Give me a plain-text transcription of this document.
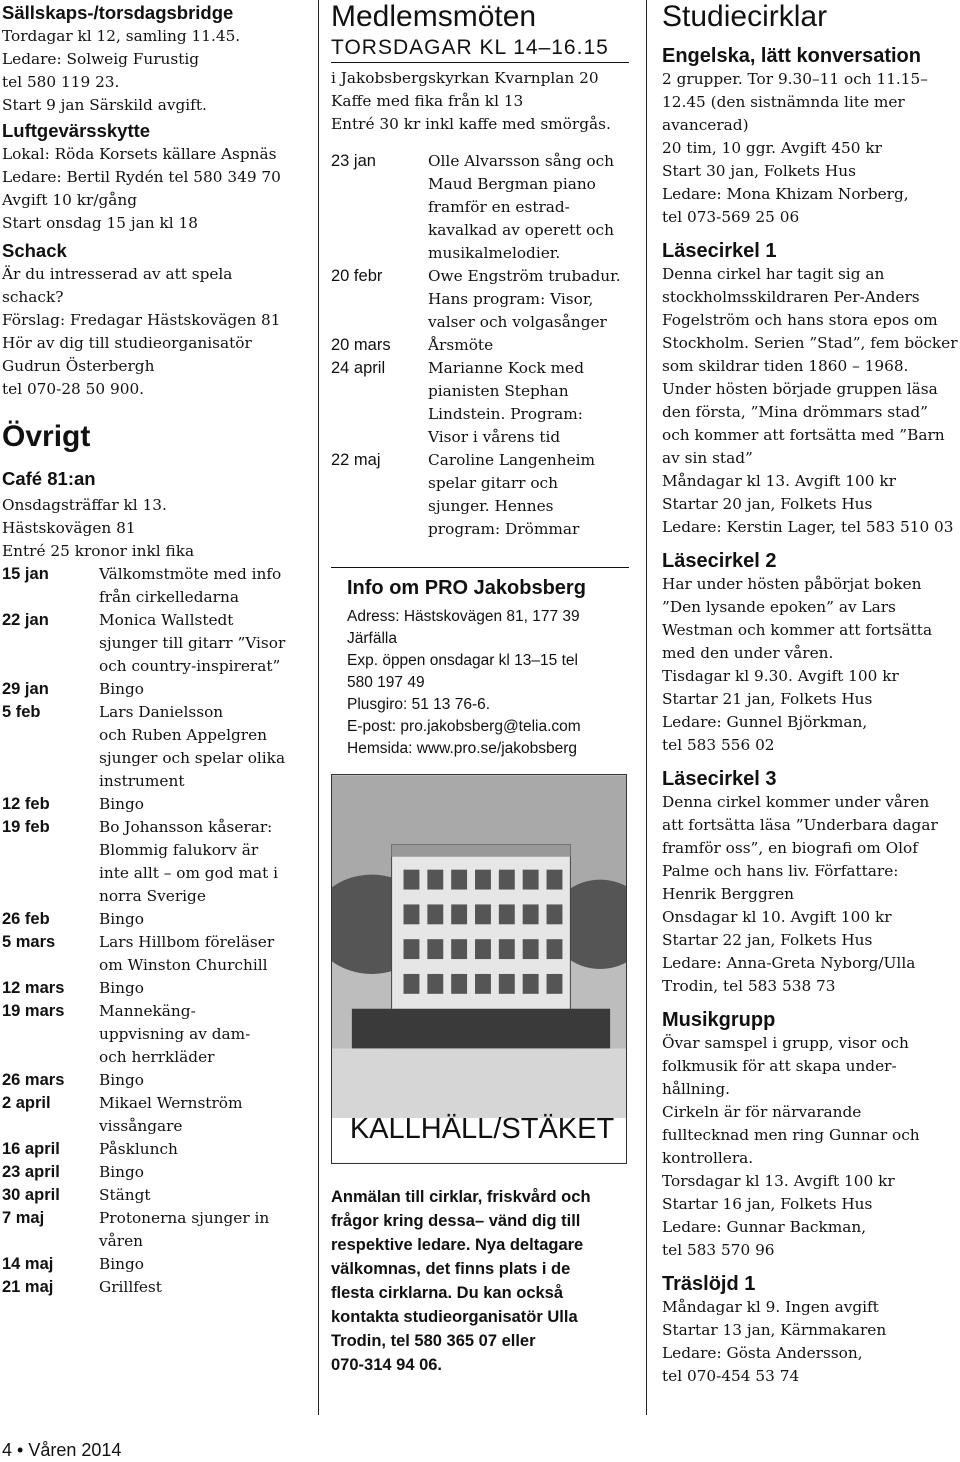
Sällskaps-/torsdagsbridge

Tordagar kl 12, samling 11.45.
Ledare: Solweig Furustig
tel 580 119 23.
Start 9 jan Särskild avgift.

Luftgevärsskytte

Lokal: Röda Korsets källare Aspnäs
Ledare: Bertil Rydén tel 580 349 70
Avgift 10 kr/gång
Start onsdag 15 jan kl 18

Schack

Är du intresserad av att spela
schack?
Förslag: Fredagar Hästskovägen 81
Hör av dig till studieorganisatör
Gudrun Österbergh
tel 070-28 50 900.

Övrigt
Café 81:an

Onsdagsträffar kl 13.
Hästskovägen 81
Entré 25 kronor inkl fika

15 jan	Välkomstmöte med info
från cirkelledarna
22 jan	Monica Wallstedt
sjunger till gitarr ”Visor
och country-inspirerat”
29 jan	Bingo
5 feb	Lars Danielsson
och Ruben Appelgren
sjunger och spelar olika
instrument
12 feb	Bingo
19 feb	Bo Johansson kåserar:
Blommig falukorv är
inte allt – om god mat i
norra Sverige
26 feb	Bingo
5 mars	Lars Hillbom föreläser
om Winston Churchill
12 mars	Bingo
19 mars	Mannekäng-
uppvisning av dam-
och herrkläder
26 mars	Bingo
2 april	Mikael Wernström
vissångare
16 april	Påsklunch
23 april	Bingo
30 april	Stängt
7 maj	Protonerna sjunger in
våren
14 maj	Bingo
21 maj	Grillfest
4 • Våren 2014
Medlemsmöten
TORSDAGAR KL 14–16.15

i Jakobsbergskyrkan Kvarnplan 20
Kaffe med fika från kl 13
Entré 30 kr inkl kaffe med smörgås.

23 jan	Olle Alvarsson sång och
Maud Bergman piano
framför en estrad-
kavalkad av operett och
musikalmelodier.
20 febr	Owe Engström trubadur.
Hans program: Visor,
valser och volgasånger
20 mars	Årsmöte
24 april	Marianne Kock med
pianisten Stephan
Lindstein. Program:
Visor i vårens tid
22 maj	Caroline Langenheim
spelar gitarr och
sjunger. Hennes
program: Drömmar
Info om PRO Jakobsberg

Adress: Hästskovägen 81, 177 39
Järfälla
Exp. öppen onsdagar kl 13–15 tel
580 197 49
Plusgiro: 51 13 76-6.
E-post: pro.jakobsberg@telia.com
Hemsida: www.pro.se/jakobsberg

KALLHÄLL/STÄKET

Anmälan till cirklar, friskvård och
frågor kring dessa– vänd dig till
respektive ledare. Nya deltagare
välkomnas, det finns plats i de
flesta cirklarna. Du kan också
kontakta studieorganisatör Ulla
Trodin, tel 580 365 07 eller
070-314 94 06.

Studiecirklar
Engelska, lätt konversation

2 grupper. Tor 9.30–11 och 11.15–
12.45 (den sistnämnda lite mer
avancerad)
20 tim, 10 ggr. Avgift 450 kr
Start 30 jan, Folkets Hus
Ledare: Mona Khizam Norberg,
tel 073-569 25 06

Läsecirkel 1

Denna cirkel har tagit sig an
stockholmsskildraren Per-Anders
Fogelström och hans stora epos om
Stockholm. Serien ”Stad”, fem böcker
som skildrar tiden 1860 – 1968.
Under hösten började gruppen läsa
den första, ”Mina drömmars stad”
och kommer att fortsätta med ”Barn
av sin stad”
Måndagar kl 13. Avgift 100 kr
Startar 20 jan, Folkets Hus
Ledare: Kerstin Lager, tel 583 510 03

Läsecirkel 2

Har under hösten påbörjat boken
”Den lysande epoken” av Lars
Westman och kommer att fortsätta
med den under våren.
Tisdagar kl 9.30. Avgift 100 kr
Startar 21 jan, Folkets Hus
Ledare: Gunnel Björkman,
tel 583 556 02

Läsecirkel 3

Denna cirkel kommer under våren
att fortsätta läsa ”Underbara dagar
framför oss”, en biografi om Olof
Palme och hans liv. Författare:
Henrik Berggren
Onsdagar kl 10. Avgift 100 kr
Startar 22 jan, Folkets Hus
Ledare: Anna-Greta Nyborg/Ulla
Trodin, tel 583 538 73

Musikgrupp

Övar samspel i grupp, visor och
folkmusik för att skapa under-
hållning.
Cirkeln är för närvarande
fulltecknad men ring Gunnar och
kontrollera.
Torsdagar kl 13. Avgift 100 kr
Startar 16 jan, Folkets Hus
Ledare: Gunnar Backman,
tel 583 570 96

Träslöjd 1

Måndagar kl 9. Ingen avgift
Startar 13 jan, Kärnmakaren
Ledare: Gösta Andersson,
tel 070-454 53 74
